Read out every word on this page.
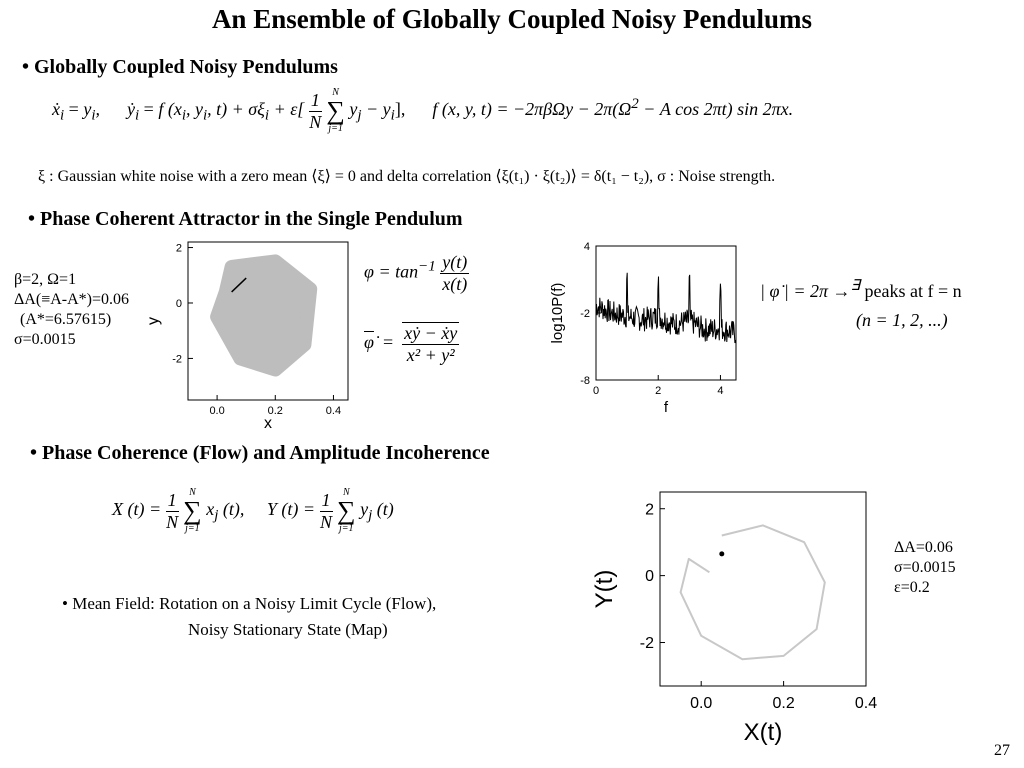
An Ensemble of Globally Coupled Noisy Pendulums
• Globally Coupled Noisy Pendulums
ẋ$_i$ = $y_i$,      ẏ$_i$ = f ($x_i$, $y_i$, $t) + \sigma\xi_i + \varepsilon[ \frac{1}{N}$
	N
∑
j=1
$y_j - y_i$], f (x, y, $t) = -2\pi\beta\Omega y - 2\pi(\Omega^2 - A$ cos 2πt) sin 2πx.
ξ : Gaussian white noise with a zero mean ⟨ξ⟩ = 0 and delta correlation ⟨ξ(t₁) · ξ(t₂)⟩ = δ(t₁ − t₂), σ : Noise strength.
• Phase Coherent Attractor in the Single Pendulum
β=2, Ω=1
ΔA(≡A-A*)=0.06
(A*=6.57615)
σ=0.0015
0.0	0.2	0.4
2
0
-2
x
y
$\varphi = \tan^{-1} \frac{y(t)}{x(t)}$
φ̇ = $\frac{\text{xẏ − ẋy}}{\text{x² + y²}}$
0	2	4
4
-2
-8
f
log10P(f)	| φ̇ | = 2π →∃ peaks at f = n
(n = 1, 2, ...)
• Phase Coherence (Flow) and Amplitude Incoherence
X $(t) = \frac{1}{N}$
	N
∑
j=1
$x_j$ (t), Y $(t) = \frac{1}{N}$
	N
∑
j=1
$y_j$ (t)
• Mean Field: Rotation on a Noisy Limit Cycle (Flow),
Noisy Stationary State (Map)
0.0	0.2	0.4
2
0
-2
X(t)
Y(t)
ΔA=0.06
σ=0.0015
ε=0.2
27
